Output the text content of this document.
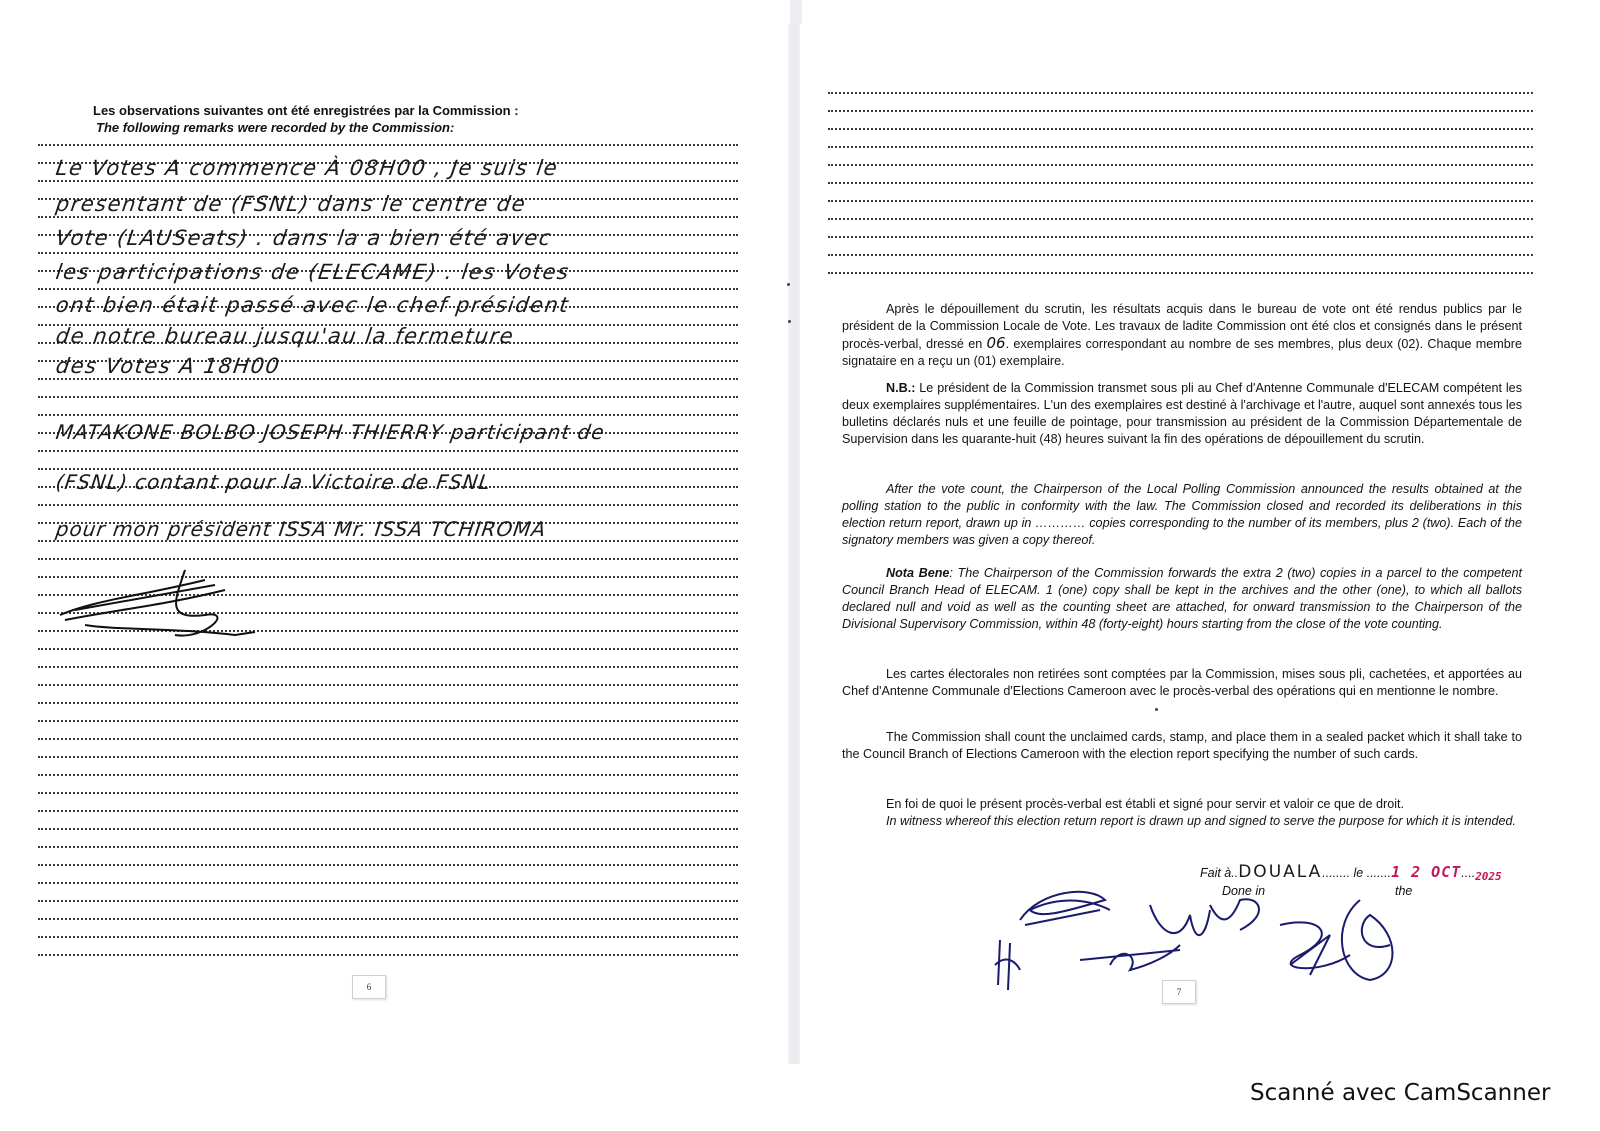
Les observations suivantes ont été enregistrées par la Commission :
The following remarks were recorded by the Commission:
Le Votes A commence À 08H00 , Je suis le
presentant de (FSNL) dans le centre de
Vote (LAUSeats) . dans la a bien été avec
les participations de (ELECAME) . les Votes
ont bien était passé avec le chef président
de notre bureau jusqu'au la fermeture
des Votes A 18H00
MATAKONE BOLBO JOSEPH THIERRY participant de
(FSNL) contant pour la Victoire de FSNL
pour mon président ISSA Mr. ISSA TCHIROMA
6
Après le dépouillement du scrutin, les résultats acquis dans le bureau de vote ont été rendus publics par le président de la Commission Locale de Vote. Les travaux de ladite Commission ont été clos et consignés dans le présent procès-verbal, dressé en 06. exemplaires correspondant au nombre de ses membres, plus deux (02). Chaque membre signataire en a reçu un (01) exemplaire.
N.B.: Le président de la Commission transmet sous pli au Chef d'Antenne Communale d'ELECAM compétent les deux exemplaires supplémentaires. L'un des exemplaires est destiné à l'archivage et l'autre, auquel sont annexés tous les bulletins déclarés nuls et une feuille de pointage, pour transmission au président de la Commission Départementale de Supervision dans les quarante-huit (48) heures suivant la fin des opérations de dépouillement du scrutin.
After the vote count, the Chairperson of the Local Polling Commission announced the results obtained at the polling station to the public in conformity with the law. The Commission closed and recorded its deliberations in this election return report, drawn up in ………… copies corresponding to the number of its members, plus 2 (two). Each of the signatory members was given a copy thereof.
Nota Bene: The Chairperson of the Commission forwards the extra 2 (two) copies in a parcel to the competent Council Branch Head of ELECAM. 1 (one) copy shall be kept in the archives and the other (one), to which all ballots declared null and void as well as the counting sheet are attached, for onward transmission to the Chairperson of the Divisional Supervisory Commission, within 48 (forty-eight) hours starting from the close of the vote counting.
Les cartes électorales non retirées sont comptées par la Commission, mises sous pli, cachetées, et apportées au Chef d'Antenne Communale d'Elections Cameroon avec le procès-verbal des opérations qui en mentionne le nombre.
The Commission shall count the unclaimed cards, stamp, and place them in a sealed packet which it shall take to the Council Branch of Elections Cameroon with the election report specifying the number of such cards.
En foi de quoi le présent procès-verbal est établi et signé pour servir et valoir ce que de droit.
In witness whereof this election return report is drawn up and signed to serve the purpose for which it is intended.
Fait à..DOUALA........ le .......1 2 OCT....2025
Done in	the
7
Scanné avec CamScanner
